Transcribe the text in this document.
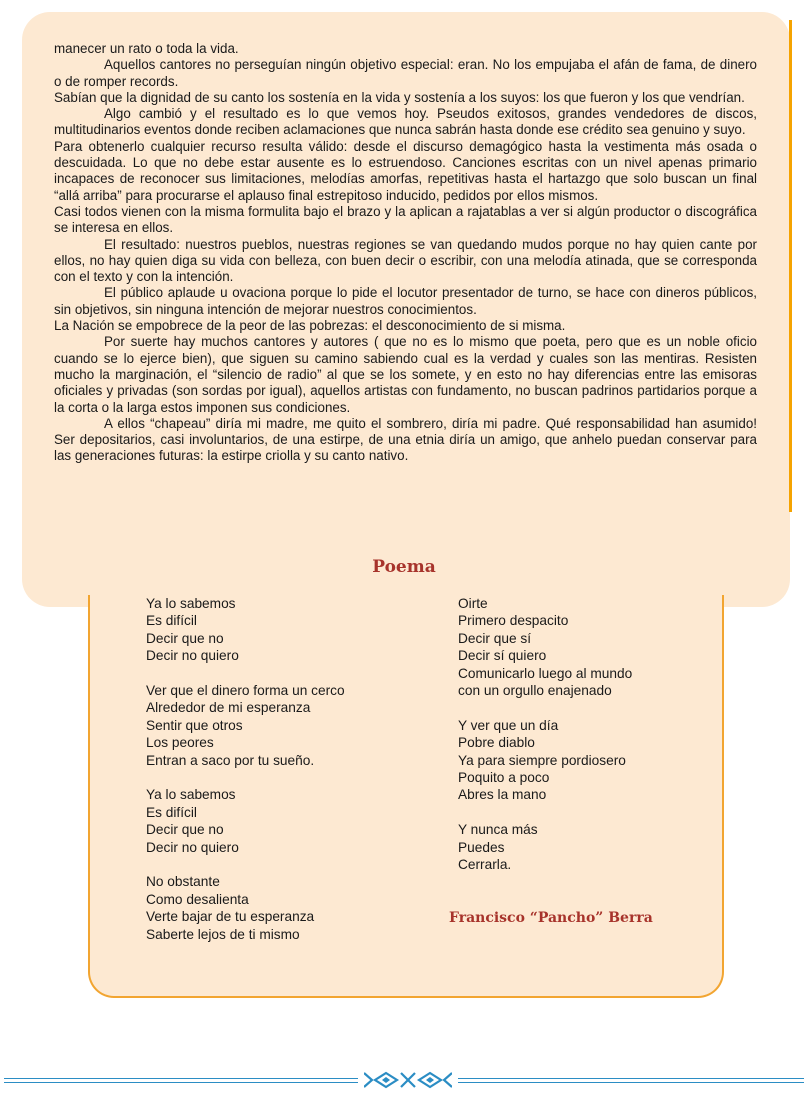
manecer un rato o toda la vida.

Aquellos cantores no perseguían ningún objetivo especial: eran. No los empujaba el afán de fama, de dinero o de romper records.

Sabían que la dignidad de su canto los sostenía en la vida y sostenía a los suyos: los que fueron y los que vendrían.

Algo cambió y el resultado es lo que vemos hoy. Pseudos exitosos, grandes vendedores de discos, multitudinarios eventos donde reciben aclamaciones que nunca sabrán hasta donde ese crédito sea genuino y suyo.

Para obtenerlo cualquier recurso resulta válido: desde el discurso demagógico hasta la vestimenta más osada o descuidada. Lo que no debe estar ausente es lo estruendoso. Canciones escritas con un nivel apenas primario incapaces de reconocer sus limitaciones, melodías amorfas, repetitivas hasta el hartazgo que solo buscan un final “allá arriba” para procurarse el aplauso final estrepitoso inducido, pedidos por ellos mismos.

Casi todos vienen con la misma formulita bajo el brazo y la aplican a rajatablas a ver si algún productor o discográfica se interesa en ellos.

El resultado: nuestros pueblos, nuestras regiones se van quedando mudos porque no hay quien cante por ellos, no hay quien diga su vida con belleza, con buen decir o escribir, con una melodía atinada, que se corresponda con el texto y con la intención.

El público aplaude u ovaciona porque lo pide el locutor presentador de turno, se hace con dineros públicos, sin objetivos, sin ninguna intención de mejorar nuestros conocimientos.

La Nación se empobrece de la peor de las pobrezas: el desconocimiento de si misma.

Por suerte hay muchos cantores y autores ( que no es lo mismo que poeta, pero que es un noble oficio cuando se lo ejerce bien), que siguen su camino sabiendo cual es la verdad y cuales son las mentiras. Resisten mucho la marginación, el “silencio de radio” al que se los somete, y en esto no hay diferencias entre las emisoras oficiales y privadas (son sordas por igual), aquellos artistas con fundamento, no buscan padrinos partidarios porque a la corta o la larga estos imponen sus condiciones.

A ellos “chapeau” diría mi madre, me quito el sombrero, diría mi padre. Qué responsabilidad han asumido! Ser depositarios, casi involuntarios, de una estirpe, de una etnia diría un amigo, que anhelo puedan conservar para las generaciones futuras: la estirpe criolla y su canto nativo.

Poema
Ya lo sabemos
Es difícil
Decir que no
Decir no quiero
Ver que el dinero forma un cerco
Alrededor de mi esperanza
Sentir que otros
Los peores
Entran a saco por tu sueño.
Ya lo sabemos
Es difícil
Decir que no
Decir no quiero
No obstante
Como desalienta
Verte bajar de tu esperanza
Saberte lejos de ti mismo
Oirte
Primero despacito
Decir que sí
Decir sí quiero
Comunicarlo luego al mundo
con un orgullo enajenado
Y ver que un día
Pobre diablo
Ya para siempre pordiosero
Poquito a poco
Abres la mano
Y nunca más
Puedes
Cerrarla.
Francisco “Pancho” Berra
